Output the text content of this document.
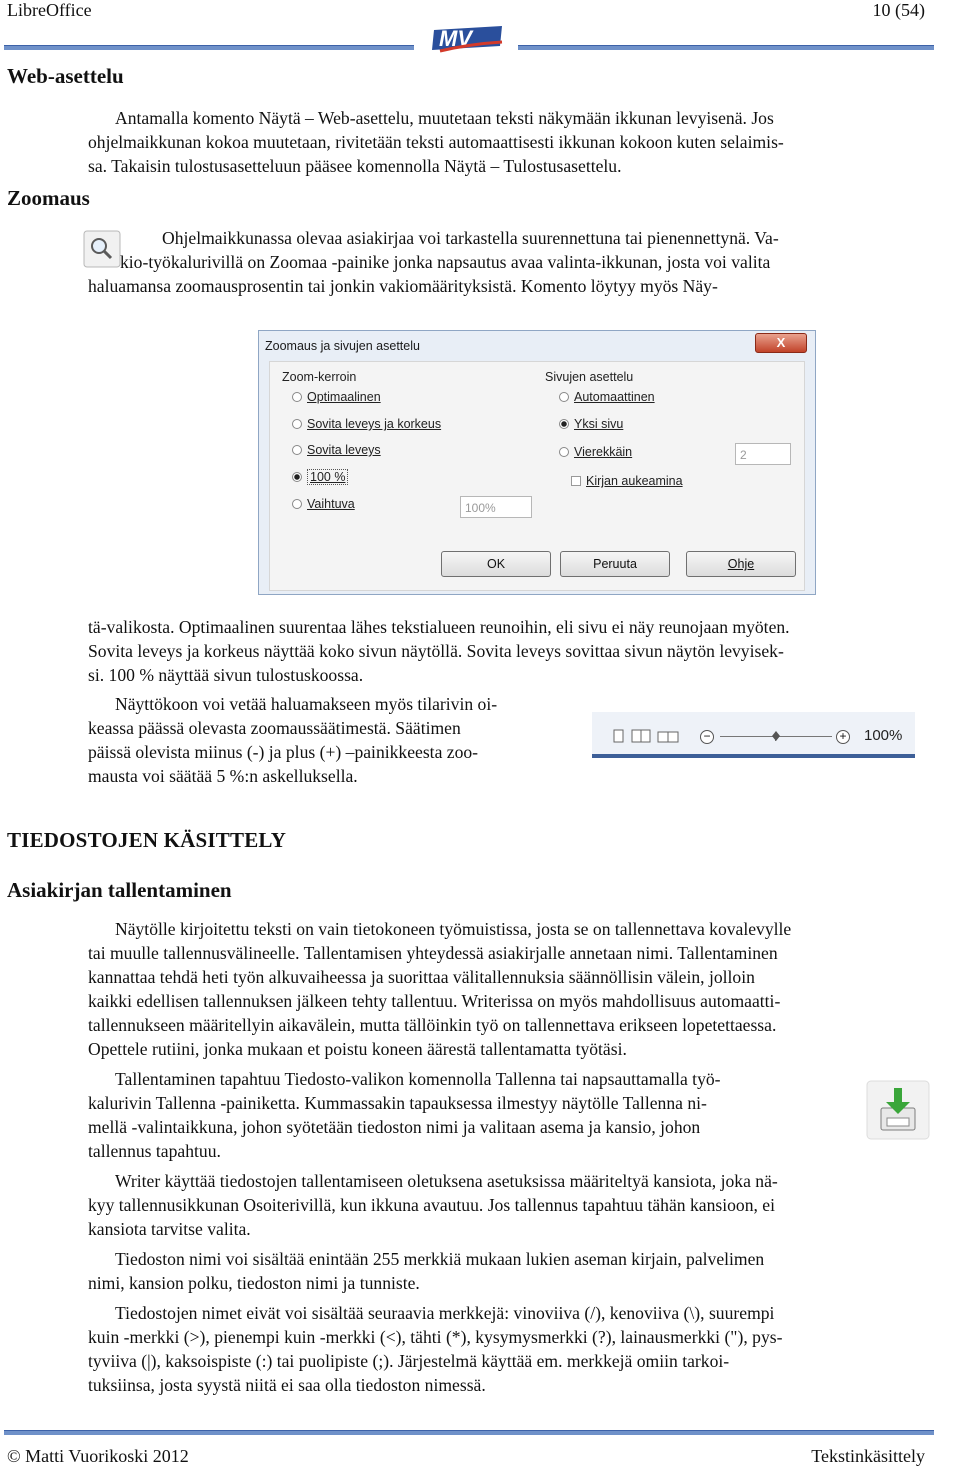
LibreOffice	10 (54)
MV
Web-asettelu
Antamalla komento Näytä – Web-asettelu, muutetaan teksti näkymään ikkunan levyisenä. Jos
ohjelmaikkunan kokoa muutetaan, rivitetään teksti automaattisesti ikkunan kokoon kuten selaimis-
sa. Takaisin tulostusasetteluun pääsee komennolla Näytä – Tulostusasettelu.
Zoomaus
Ohjelmaikkunassa olevaa asiakirjaa voi tarkastella suurennettuna tai pienennettynä. Va-
kio-työkalurivillä on Zoomaa -painike jonka napsautus avaa valinta-ikkunan, josta voi valita
haluamansa zoomausprosentin tai jonkin vakiomäärityksistä. Komento löytyy myös Näy-
Zoomaus ja sivujen asettelu	X
Zoom-kerroin
Optimaalinen
Sovita leveys ja korkeus
Sovita leveys
100 %
Vaihtuva	100%
Sivujen asettelu
Automaattinen
Yksi sivu
Vierekkäin	2
Kirjan aukeamina
OK	Peruuta	Ohje
tä-valikosta. Optimaalinen suurentaa lähes tekstialueen reunoihin, eli sivu ei näy reunojaan myöten.
Sovita leveys ja korkeus näyttää koko sivun näytöllä. Sovita leveys sovittaa sivun näytön levyisek-
si. 100 % näyttää sivun tulostuskoossa.
Näyttökoon voi vetää haluamakseen myös tilarivin oi-
keassa päässä olevasta zoomaussäätimestä. Säätimen
päissä olevista miinus (-) ja plus (+) –painikkeesta zoo-
mausta voi säätää 5 %:n askelluksella.
−	+ 100%
TIEDOSTOJEN KÄSITTELY
Asiakirjan tallentaminen
Näytölle kirjoitettu teksti on vain tietokoneen työmuistissa, josta se on tallennettava kovalevylle
tai muulle tallennusvälineelle. Tallentamisen yhteydessä asiakirjalle annetaan nimi. Tallentaminen
kannattaa tehdä heti työn alkuvaiheessa ja suorittaa välitallennuksia säännöllisin välein, jolloin
kaikki edellisen tallennuksen jälkeen tehty tallentuu. Writerissa on myös mahdollisuus automaatti-
tallennukseen määritellyin aikavälein, mutta tällöinkin työ on tallennettava erikseen lopetettaessa.
Opettele rutiini, jonka mukaan et poistu koneen äärestä tallentamatta työtäsi.
Tallentaminen tapahtuu Tiedosto-valikon komennolla Tallenna tai napsauttamalla työ-
kalurivin Tallenna -painiketta. Kummassakin tapauksessa ilmestyy näytölle Tallenna ni-
mellä -valintaikkuna, johon syötetään tiedoston nimi ja valitaan asema ja kansio, johon
tallennus tapahtuu.
Writer käyttää tiedostojen tallentamiseen oletuksena asetuksissa määriteltyä kansiota, joka nä-
kyy tallennusikkunan Osoiterivillä, kun ikkuna avautuu. Jos tallennus tapahtuu tähän kansioon, ei
kansiota tarvitse valita.
Tiedoston nimi voi sisältää enintään 255 merkkiä mukaan lukien aseman kirjain, palvelimen
nimi, kansion polku, tiedoston nimi ja tunniste.
Tiedostojen nimet eivät voi sisältää seuraavia merkkejä: vinoviiva (/), kenoviiva (\), suurempi
kuin -merkki (>), pienempi kuin -merkki (<), tähti (*), kysymysmerkki (?), lainausmerkki ("), pys-
tyviiva (|), kaksoispiste (:) tai puolipiste (;). Järjestelmä käyttää em. merkkejä omiin tarkoi-
tuksiinsa, josta syystä niitä ei saa olla tiedoston nimessä.
© Matti Vuorikoski 2012	Tekstinkäsittely
